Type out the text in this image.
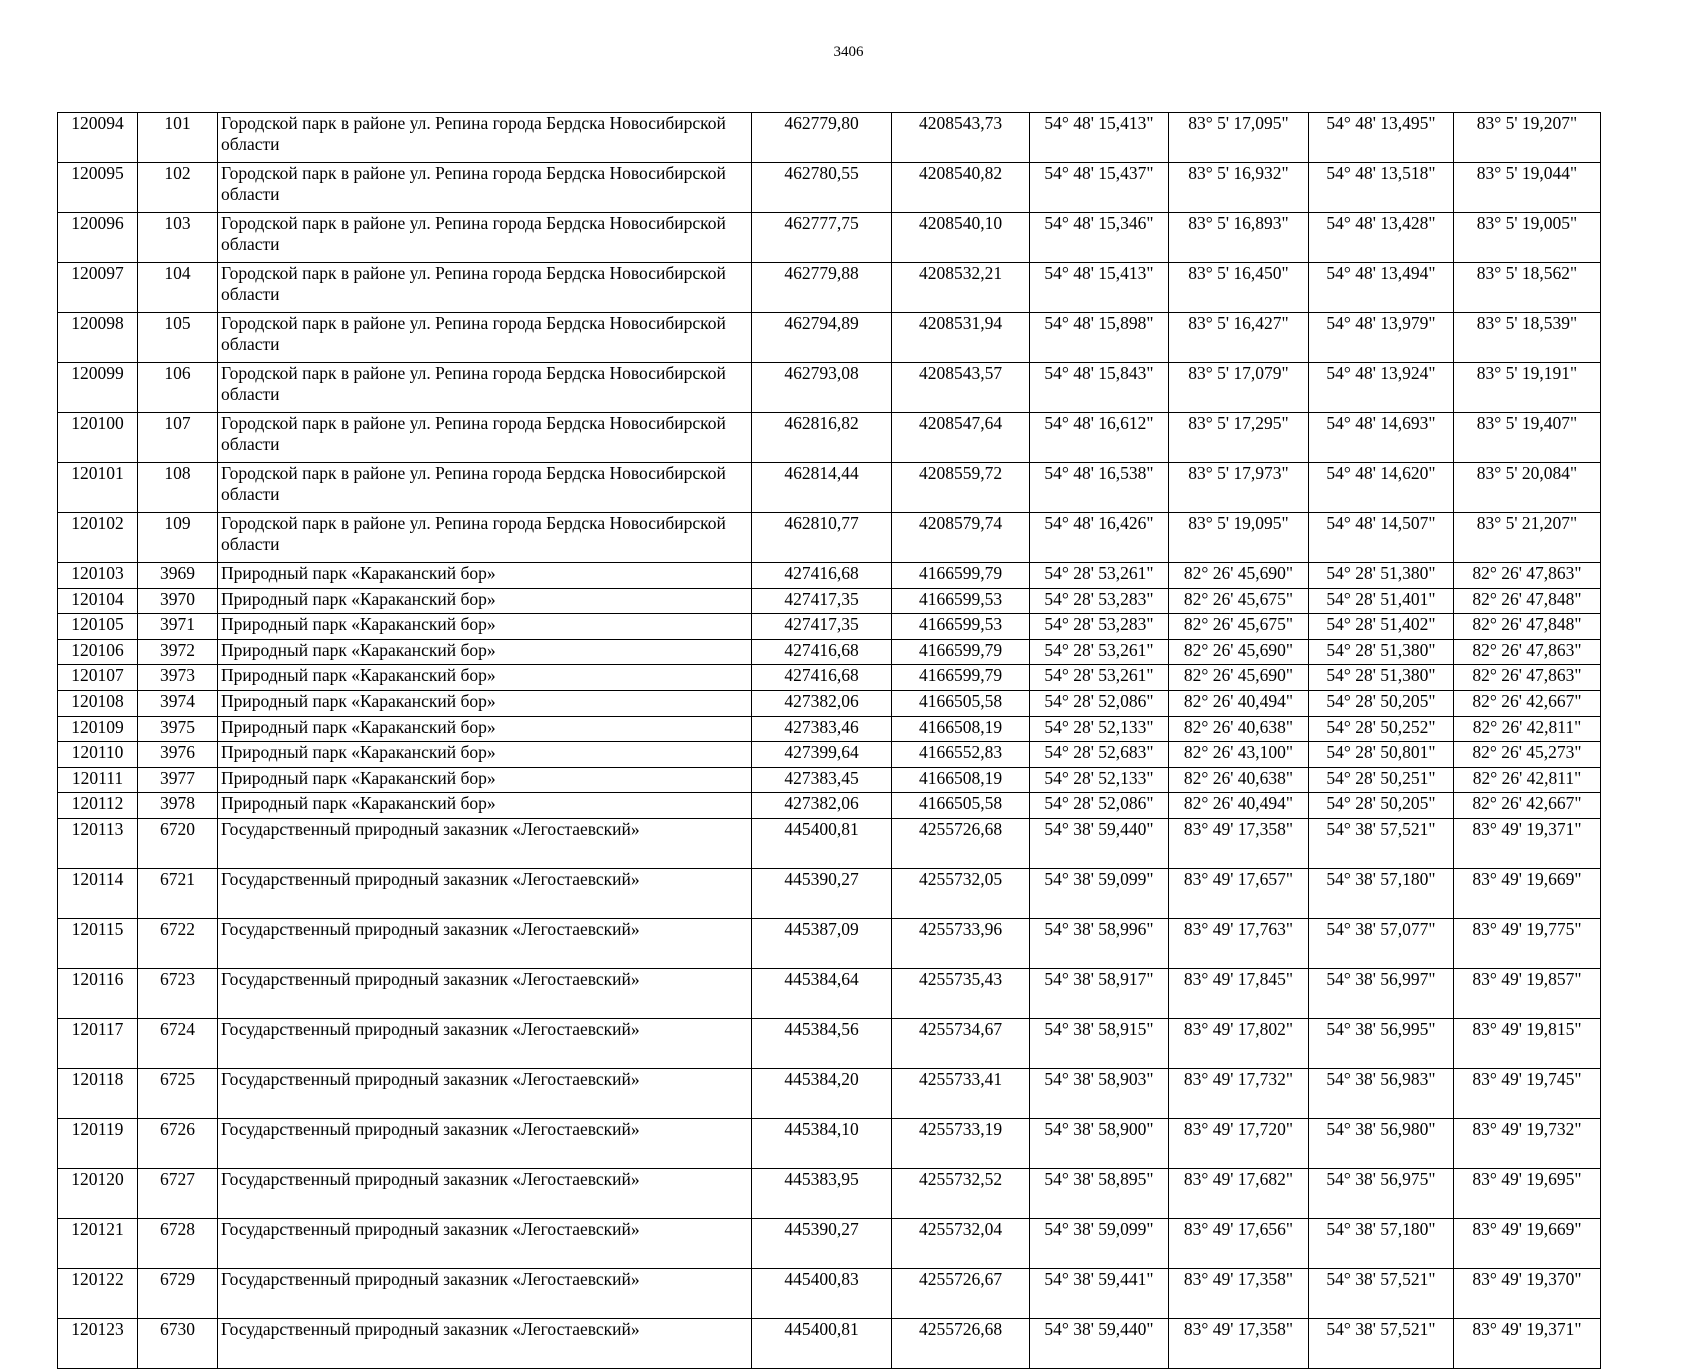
3406
120094	101	Городской парк в районе ул. Репина города Бердска Новосибирской области	462779,80	4208543,73	54° 48' 15,413"	83° 5' 17,095"	54° 48' 13,495"	83° 5' 19,207"
120095	102	Городской парк в районе ул. Репина города Бердска Новосибирской области	462780,55	4208540,82	54° 48' 15,437"	83° 5' 16,932"	54° 48' 13,518"	83° 5' 19,044"
120096	103	Городской парк в районе ул. Репина города Бердска Новосибирской области	462777,75	4208540,10	54° 48' 15,346"	83° 5' 16,893"	54° 48' 13,428"	83° 5' 19,005"
120097	104	Городской парк в районе ул. Репина города Бердска Новосибирской области	462779,88	4208532,21	54° 48' 15,413"	83° 5' 16,450"	54° 48' 13,494"	83° 5' 18,562"
120098	105	Городской парк в районе ул. Репина города Бердска Новосибирской области	462794,89	4208531,94	54° 48' 15,898"	83° 5' 16,427"	54° 48' 13,979"	83° 5' 18,539"
120099	106	Городской парк в районе ул. Репина города Бердска Новосибирской области	462793,08	4208543,57	54° 48' 15,843"	83° 5' 17,079"	54° 48' 13,924"	83° 5' 19,191"
120100	107	Городской парк в районе ул. Репина города Бердска Новосибирской области	462816,82	4208547,64	54° 48' 16,612"	83° 5' 17,295"	54° 48' 14,693"	83° 5' 19,407"
120101	108	Городской парк в районе ул. Репина города Бердска Новосибирской области	462814,44	4208559,72	54° 48' 16,538"	83° 5' 17,973"	54° 48' 14,620"	83° 5' 20,084"
120102	109	Городской парк в районе ул. Репина города Бердска Новосибирской области	462810,77	4208579,74	54° 48' 16,426"	83° 5' 19,095"	54° 48' 14,507"	83° 5' 21,207"
120103	3969	Природный парк «Караканский бор»	427416,68	4166599,79	54° 28' 53,261"	82° 26' 45,690"	54° 28' 51,380"	82° 26' 47,863"
120104	3970	Природный парк «Караканский бор»	427417,35	4166599,53	54° 28' 53,283"	82° 26' 45,675"	54° 28' 51,401"	82° 26' 47,848"
120105	3971	Природный парк «Караканский бор»	427417,35	4166599,53	54° 28' 53,283"	82° 26' 45,675"	54° 28' 51,402"	82° 26' 47,848"
120106	3972	Природный парк «Караканский бор»	427416,68	4166599,79	54° 28' 53,261"	82° 26' 45,690"	54° 28' 51,380"	82° 26' 47,863"
120107	3973	Природный парк «Караканский бор»	427416,68	4166599,79	54° 28' 53,261"	82° 26' 45,690"	54° 28' 51,380"	82° 26' 47,863"
120108	3974	Природный парк «Караканский бор»	427382,06	4166505,58	54° 28' 52,086"	82° 26' 40,494"	54° 28' 50,205"	82° 26' 42,667"
120109	3975	Природный парк «Караканский бор»	427383,46	4166508,19	54° 28' 52,133"	82° 26' 40,638"	54° 28' 50,252"	82° 26' 42,811"
120110	3976	Природный парк «Караканский бор»	427399,64	4166552,83	54° 28' 52,683"	82° 26' 43,100"	54° 28' 50,801"	82° 26' 45,273"
120111	3977	Природный парк «Караканский бор»	427383,45	4166508,19	54° 28' 52,133"	82° 26' 40,638"	54° 28' 50,251"	82° 26' 42,811"
120112	3978	Природный парк «Караканский бор»	427382,06	4166505,58	54° 28' 52,086"	82° 26' 40,494"	54° 28' 50,205"	82° 26' 42,667"
120113	6720	Государственный природный заказник «Легостаевский»	445400,81	4255726,68	54° 38' 59,440"	83° 49' 17,358"	54° 38' 57,521"	83° 49' 19,371"
120114	6721	Государственный природный заказник «Легостаевский»	445390,27	4255732,05	54° 38' 59,099"	83° 49' 17,657"	54° 38' 57,180"	83° 49' 19,669"
120115	6722	Государственный природный заказник «Легостаевский»	445387,09	4255733,96	54° 38' 58,996"	83° 49' 17,763"	54° 38' 57,077"	83° 49' 19,775"
120116	6723	Государственный природный заказник «Легостаевский»	445384,64	4255735,43	54° 38' 58,917"	83° 49' 17,845"	54° 38' 56,997"	83° 49' 19,857"
120117	6724	Государственный природный заказник «Легостаевский»	445384,56	4255734,67	54° 38' 58,915"	83° 49' 17,802"	54° 38' 56,995"	83° 49' 19,815"
120118	6725	Государственный природный заказник «Легостаевский»	445384,20	4255733,41	54° 38' 58,903"	83° 49' 17,732"	54° 38' 56,983"	83° 49' 19,745"
120119	6726	Государственный природный заказник «Легостаевский»	445384,10	4255733,19	54° 38' 58,900"	83° 49' 17,720"	54° 38' 56,980"	83° 49' 19,732"
120120	6727	Государственный природный заказник «Легостаевский»	445383,95	4255732,52	54° 38' 58,895"	83° 49' 17,682"	54° 38' 56,975"	83° 49' 19,695"
120121	6728	Государственный природный заказник «Легостаевский»	445390,27	4255732,04	54° 38' 59,099"	83° 49' 17,656"	54° 38' 57,180"	83° 49' 19,669"
120122	6729	Государственный природный заказник «Легостаевский»	445400,83	4255726,67	54° 38' 59,441"	83° 49' 17,358"	54° 38' 57,521"	83° 49' 19,370"
120123	6730	Государственный природный заказник «Легостаевский»	445400,81	4255726,68	54° 38' 59,440"	83° 49' 17,358"	54° 38' 57,521"	83° 49' 19,371"
